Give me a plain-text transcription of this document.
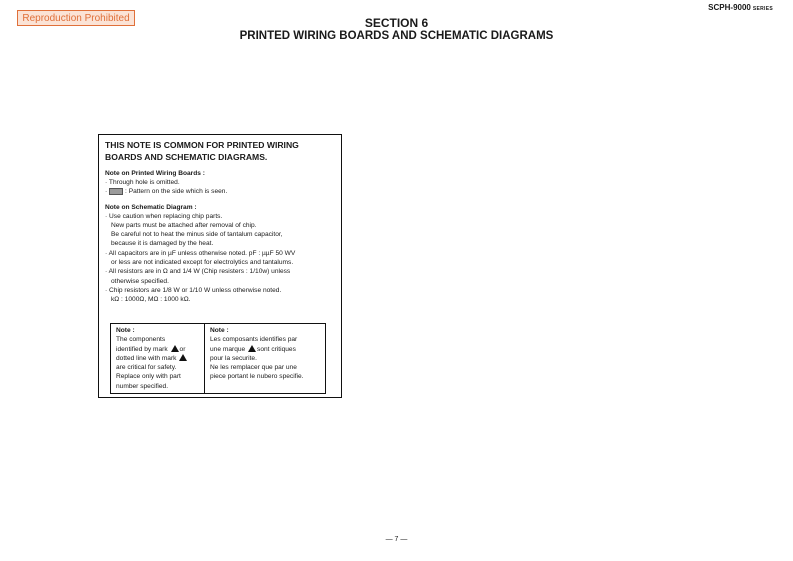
Reproduction Prohibited
SCPH-9000 SERIES
SECTION 6
PRINTED WIRING BOARDS AND SCHEMATIC DIAGRAMS
THIS NOTE IS COMMON FOR PRINTED WIRING
BOARDS AND SCHEMATIC DIAGRAMS.
Note on Printed Wiring Boards :
· Through hole is omitted.
· : Pattern on the side which is seen.
Note on Schematic Diagram :
· Use caution when replacing chip parts.
New parts must be attached after removal of chip.
Be careful not to heat the minus side of tantalum capacitor,
because it is damaged by the heat.
· All capacitors are in µF unless otherwise noted. pF : µµF 50 WV
or less are not indicated except for electrolytics and tantalums.
· All resistors are in Ω and 1/4 W (Chip resisters : 1/10w) unless
otherwise specified.
· Chip resistors are 1/8 W or 1/10 W unless otherwise noted.
kΩ : 1000Ω, MΩ : 1000 kΩ.
Note :
The components
identified by mark or
dotted line with mark
are critical for safety.
Replace only with part
number specified.
Note :
Les composants identifies par
une marque sont critiques
pour la securite.
Ne les remplacer que par une
piece portant le nubero specifie.
— 7 —
